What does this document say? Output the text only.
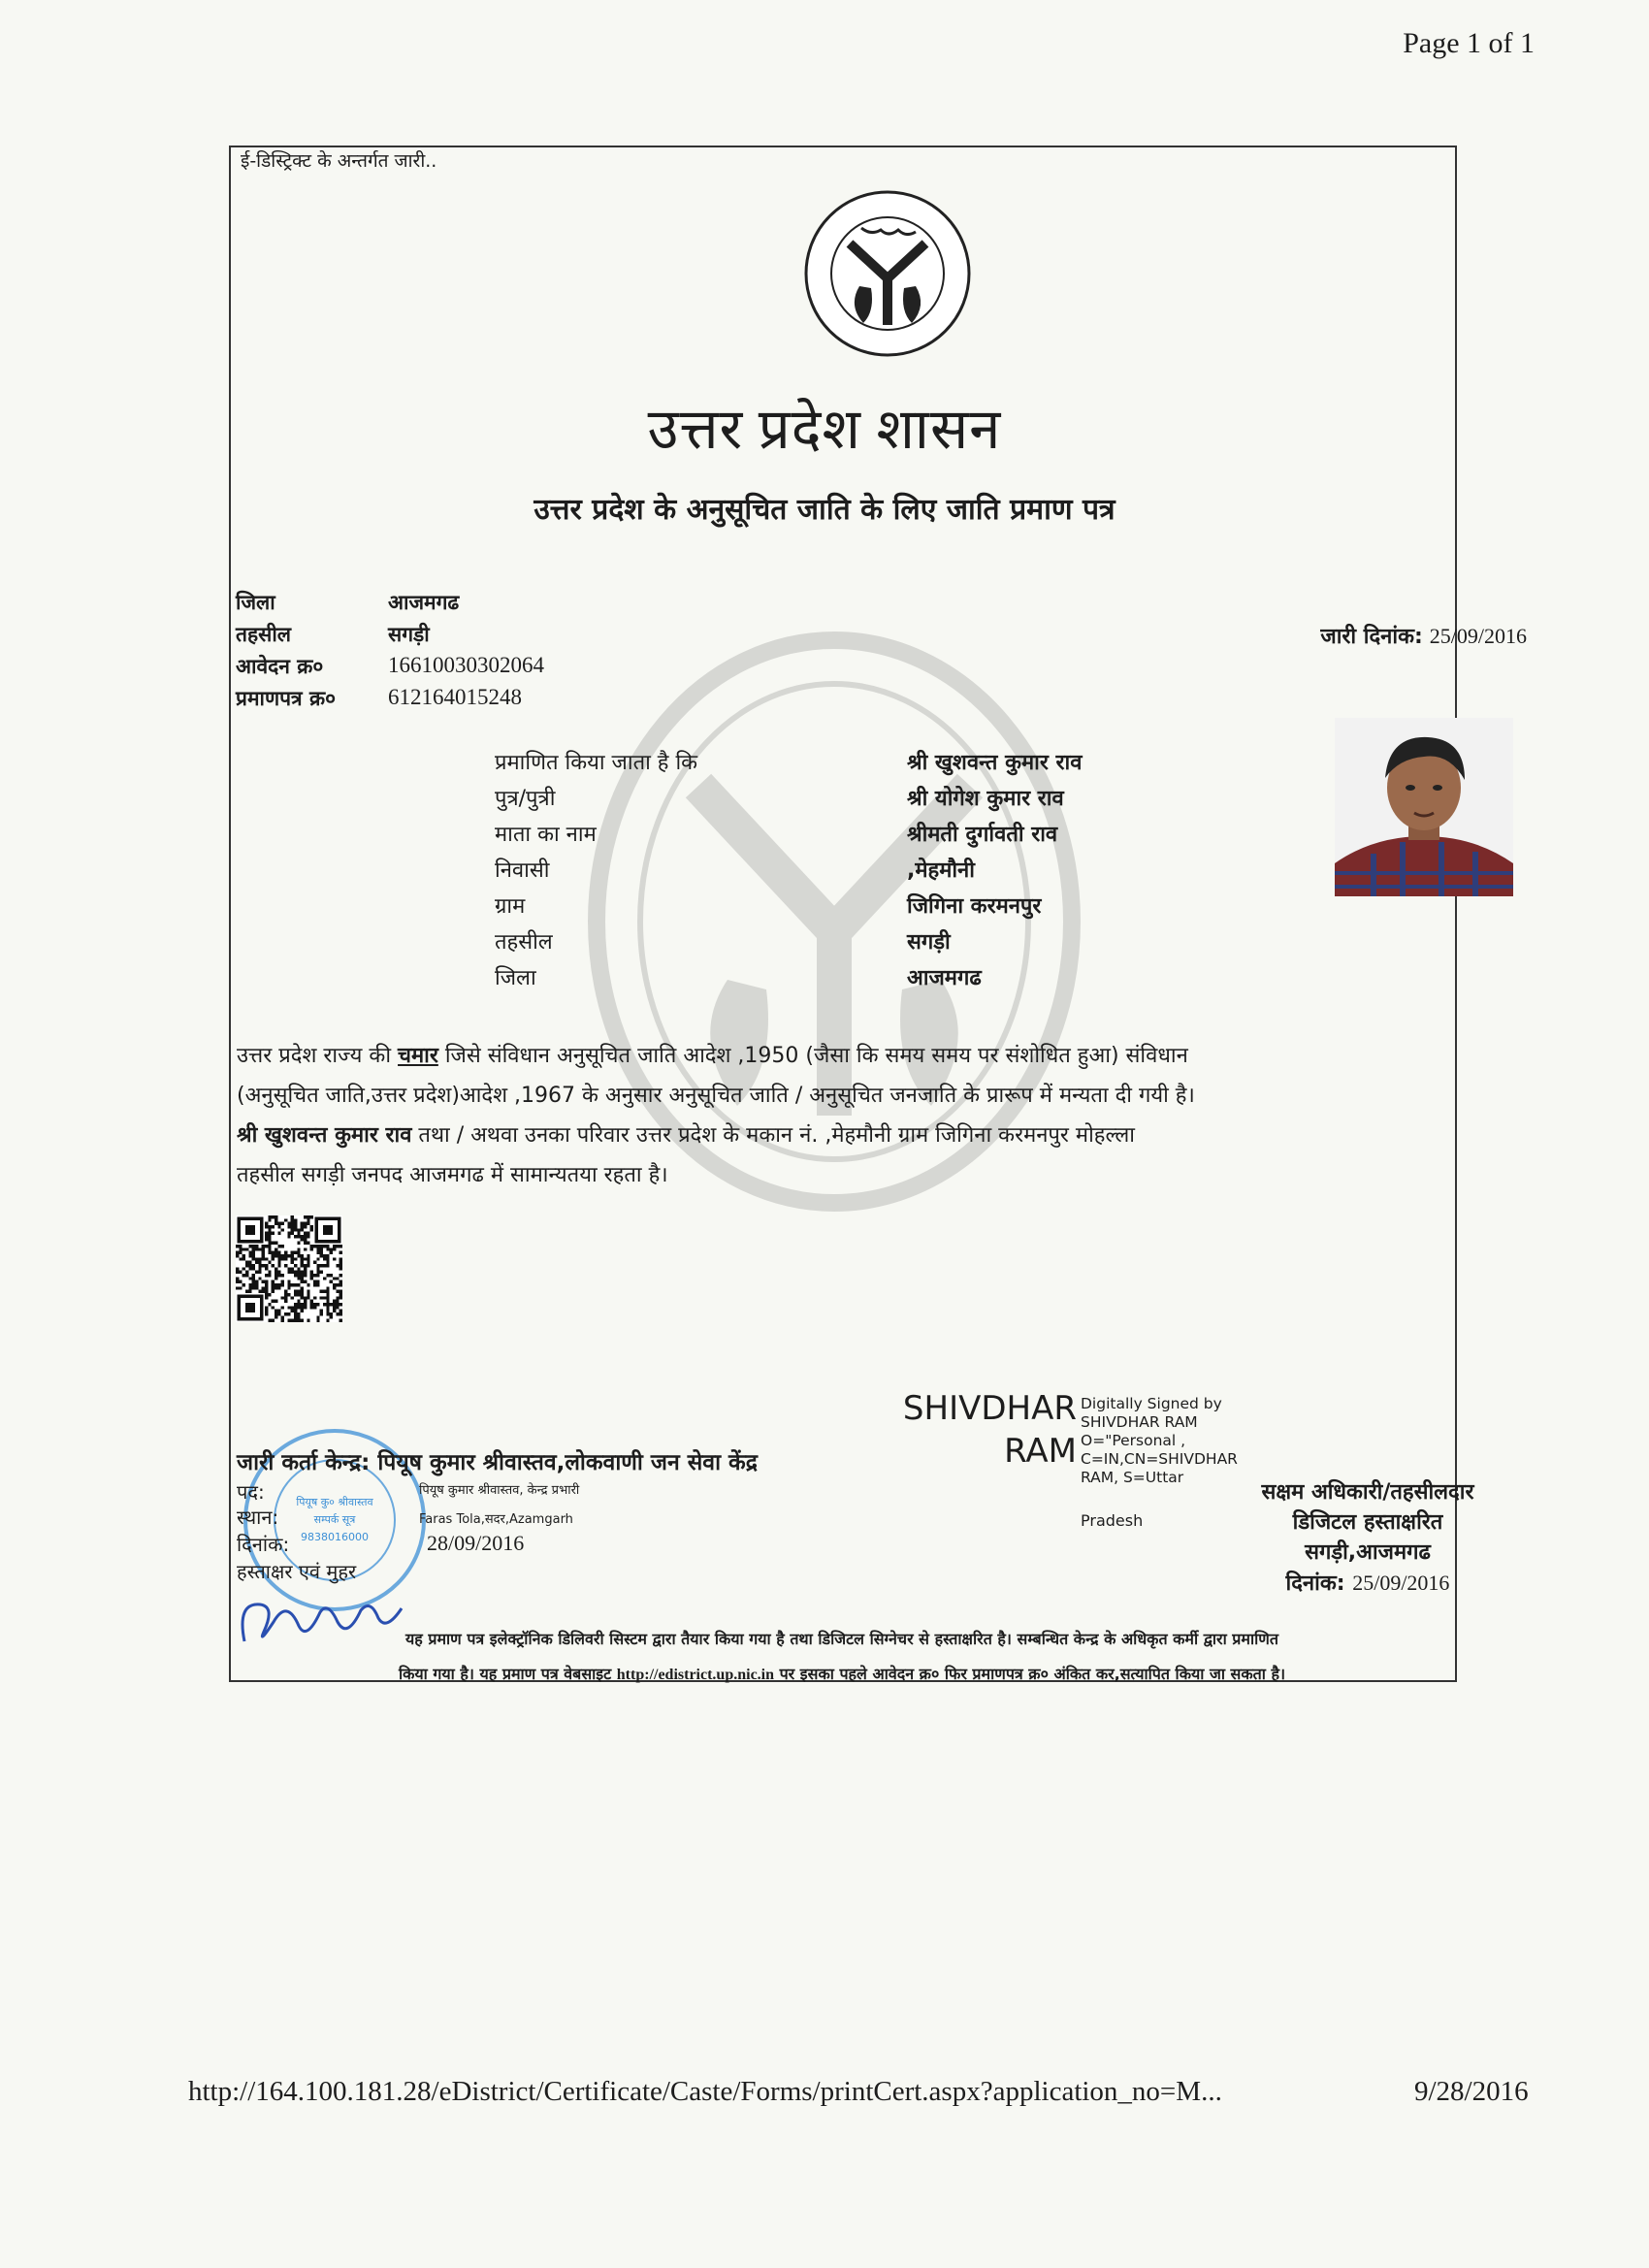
Page 1 of 1
ई-डिस्ट्रिक्ट के अन्तर्गत जारी..
उत्तर प्रदेश शासन
उत्तर प्रदेश के अनुसूचित जाति के लिए जाति प्रमाण पत्र
जिला	आजमगढ
तहसील	सगड़ी
आवेदन क्र०	16610030302064
प्रमाणपत्र क्र० 612164015248
जारी दिनांक: 25/09/2016
प्रमाणित किया जाता है कि	श्री खुशवन्त कुमार राव
पुत्र/पुत्री	श्री योगेश कुमार राव
माता का नाम	श्रीमती दुर्गावती राव
निवासी	,मेहमौनी
ग्राम	जिगिना करमनपुर
तहसील	सगड़ी
जिला	आजमगढ
उत्तर प्रदेश राज्य की चमार जिसे संविधान अनुसूचित जाति आदेश ,1950 (जैसा कि समय समय पर संशोधित हुआ) संविधान
(अनुसूचित जाति,उत्तर प्रदेश)आदेश ,1967 के अनुसार अनुसूचित जाति / अनुसूचित जनजाति के प्रारूप में मन्यता दी गयी है।
श्री खुशवन्त कुमार राव तथा / अथवा उनका परिवार उत्तर प्रदेश के मकान नं. ,मेहमौनी ग्राम जिगिना करमनपुर मोहल्ला
तहसील सगड़ी जनपद आजमगढ में सामान्यतया रहता है।
SHIVDHAR
RAM
Digitally Signed by
SHIVDHAR RAM
O="Personal ,
C=IN,CN=SHIVDHAR
RAM, S=Uttar
Pradesh
पियूष कु० श्रीवास्तव
सम्पर्क सूत्र
9838016000
जारी कर्ता केन्द्र: पियूष कुमार श्रीवास्तव,लोकवाणी जन सेवा केंद्र
पद:	पियूष कुमार श्रीवास्तव, केन्द्र प्रभारी
स्थान:	Faras Tola,सदर,Azamgarh
दिनांक:	28/09/2016
हस्ताक्षर एवं मुहर
सक्षम अधिकारी/तहसीलदार
डिजिटल हस्ताक्षरित
सगड़ी,आजमगढ
दिनांक: 25/09/2016
यह प्रमाण पत्र इलेक्ट्रॉनिक डिलिवरी सिस्टम द्वारा तैयार किया गया है तथा डिजिटल सिग्नेचर से हस्ताक्षरित है। सम्बन्धित केन्द्र के अधिकृत कर्मी द्वारा प्रमाणित
किया गया है। यह प्रमाण पत्र वेबसाइट http://edistrict.up.nic.in पर इसका पहले आवेदन क्र० फिर प्रमाणपत्र क्र० अंकित कर,सत्यापित किया जा सकता है।
http://164.100.181.28/eDistrict/Certificate/Caste/Forms/printCert.aspx?application_no=M...	9/28/2016
